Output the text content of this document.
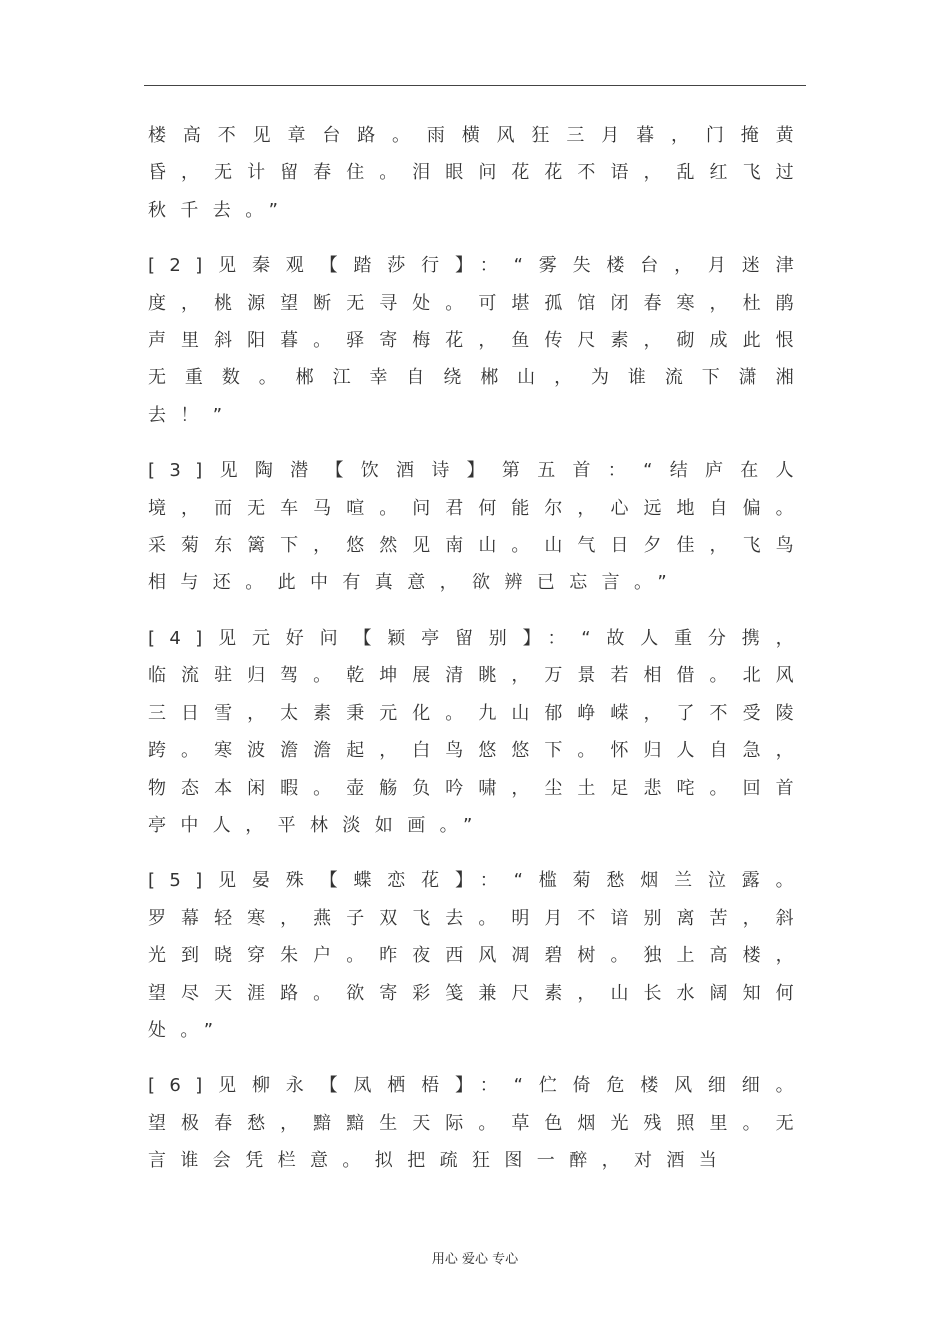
楼高不见章台路。雨横风狂三月暮，门掩黄昏，无计留春住。泪眼问花花不语，乱红飞过秋千去。”

[2]见秦观【踏莎行】：“雾失楼台，月迷津度，桃源望断无寻处。可堪孤馆闭春寒，杜鹃声里斜阳暮。驿寄梅花，鱼传尺素，砌成此恨无重数。郴江幸自绕郴山，为谁流下潇湘去！”

[3]见陶潜【饮酒诗】第五首：“结庐在人境，而无车马喧。问君何能尔，心远地自偏。采菊东篱下，悠然见南山。山气日夕佳，飞鸟相与还。此中有真意，欲辨已忘言。”

[4]见元好问【颖亭留别】：“故人重分携，临流驻归驾。乾坤展清眺，万景若相借。北风三日雪，太素秉元化。九山郁峥嵘，了不受陵跨。寒波澹澹起，白鸟悠悠下。怀归人自急，物态本闲暇。壶觞负吟啸，尘土足悲咤。回首亭中人，平林淡如画。”

[5]见晏殊【蝶恋花】：“槛菊愁烟兰泣露。罗幕轻寒，燕子双飞去。明月不谙别离苦，斜光到晓穿朱户。昨夜西风凋碧树。独上高楼，望尽天涯路。欲寄彩笺兼尺素，山长水阔知何处。”

[6]见柳永【凤栖梧】：“伫倚危楼风细细。望极春愁，黯黯生天际。草色烟光残照里。无言谁会凭栏意。拟把疏狂图一醉，对酒当

用心 爱心 专心
